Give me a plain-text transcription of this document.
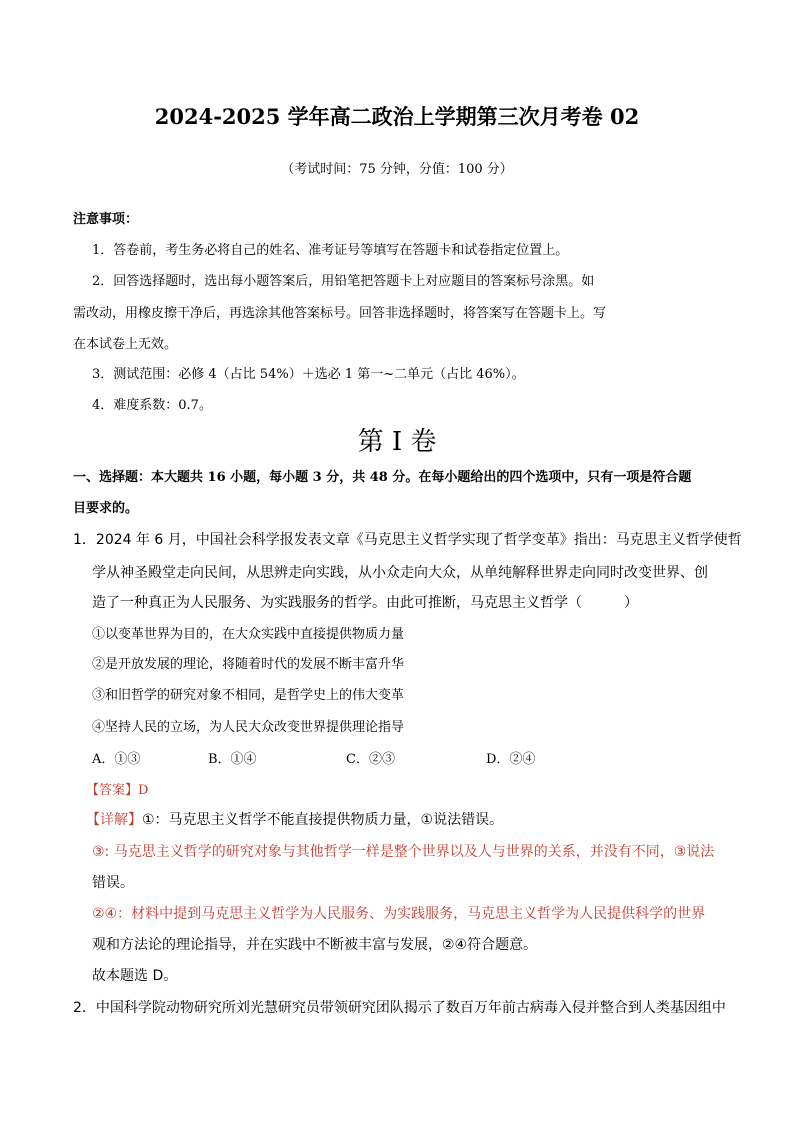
2024-2025 学年高二政治上学期第三次月考卷 02
（考试时间：75 分钟，分值：100 分）
注意事项：
1．答卷前，考生务必将自己的姓名、准考证号等填写在答题卡和试卷指定位置上。
2．回答选择题时，选出每小题答案后，用铅笔把答题卡上对应题目的答案标号涂黑。如
需改动，用橡皮擦干净后，再选涂其他答案标号。回答非选择题时，将答案写在答题卡上。写
在本试卷上无效。
3．测试范围：必修 4（占比 54%）＋选必 1 第一~二单元（占比 46%）。
4．难度系数：0.7。
第 I 卷
一、选择题：本大题共 16 小题，每小题 3 分，共 48 分。在每小题给出的四个选项中，只有一项是符合题
目要求的。
1．2024 年 6 月，中国社会科学报发表文章《马克思主义哲学实现了哲学变革》指出：马克思主义哲学使哲
学从神圣殿堂走向民间，从思辨走向实践，从小众走向大众，从单纯解释世界走向同时改变世界、创
造了一种真正为人民服务、为实践服务的哲学。由此可推断，马克思主义哲学（　　　）
①以变革世界为目的，在大众实践中直接提供物质力量
②是开放发展的理论，将随着时代的发展不断丰富升华
③和旧哲学的研究对象不相同，是哲学史上的伟大变革
④坚持人民的立场，为人民大众改变世界提供理论指导
A．①③	B．①④	C．②③	D．②④
【答案】D
【详解】①：马克思主义哲学不能直接提供物质力量，①说法错误。
③: 马克思主义哲学的研究对象与其他哲学一样是整个世界以及人与世界的关系，并没有不同，③说法
错误。
②④：材料中提到马克思主义哲学为人民服务、为实践服务，马克思主义哲学为人民提供科学的世界
观和方法论的理论指导，并在实践中不断被丰富与发展，②④符合题意。
故本题选 D。
2．中国科学院动物研究所刘光慧研究员带领研究团队揭示了数百万年前古病毒入侵并整合到人类基因组中
